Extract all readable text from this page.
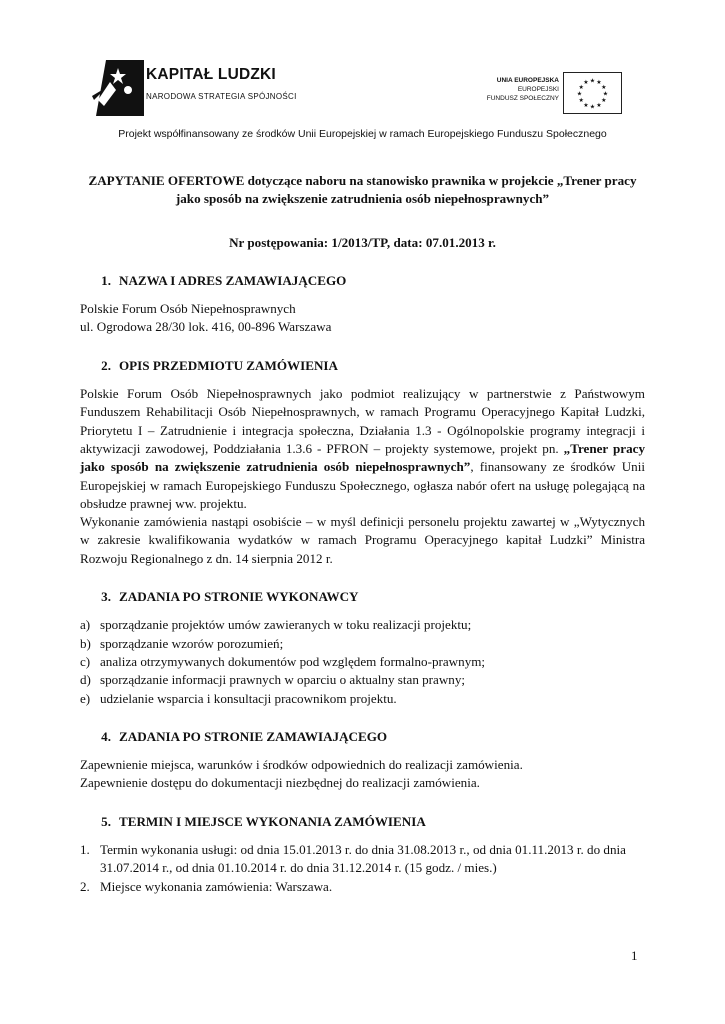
KAPITAŁ LUDZKI
NARODOWA STRATEGIA SPÓJNOŚCI
UNIA EUROPEJSKA
EUROPEJSKI
FUNDUSZ SPOŁECZNY
★
★
★
★
★
★
★
★
★ ★ ★
★
Projekt współfinansowany ze środków Unii Europejskiej w ramach Europejskiego Funduszu Społecznego

ZAPYTANIE OFERTOWE dotyczące naboru na stanowisko prawnika w projekcie „Trener pracy

jako sposób na zwiększenie zatrudnienia osób niepełnosprawnych”

Nr postępowania: 1/2013/TP, data: 07.01.2013 r.

1. NAZWA I ADRES ZAMAWIAJĄCEGO

Polskie Forum Osób Niepełnosprawnych

ul. Ogrodowa 28/30 lok. 416, 00-896 Warszawa

2. OPIS PRZEDMIOTU ZAMÓWIENIA

Polskie Forum Osób Niepełnosprawnych jako podmiot realizujący w partnerstwie z Państwowym Funduszem Rehabilitacji Osób Niepełnosprawnych, w ramach Programu Operacyjnego Kapitał Ludzki, Priorytetu I – Zatrudnienie i integracja społeczna, Działania 1.3 - Ogólnopolskie programy integracji i aktywizacji zawodowej, Poddziałania 1.3.6 - PFRON – projekty systemowe, projekt pn. „Trener pracy jako sposób na zwiększenie zatrudnienia osób niepełnosprawnych”, finansowany ze środków Unii Europejskiej w ramach Europejskiego Funduszu Społecznego, ogłasza nabór ofert na usługę polegającą na obsłudze prawnej ww. projektu.

Wykonanie zamówienia nastąpi osobiście – w myśl definicji personelu projektu zawartej w „Wytycznych w zakresie kwalifikowania wydatków w ramach Programu Operacyjnego kapitał Ludzki” Ministra Rozwoju Regionalnego z dn. 14 sierpnia 2012 r.

3. ZADANIA PO STRONIE WYKONAWCY
a) sporządzanie projektów umów zawieranych w toku realizacji projektu;
b) sporządzanie wzorów porozumień;
c) analiza otrzymywanych dokumentów pod względem formalno-prawnym;
d) sporządzanie informacji prawnych w oparciu o aktualny stan prawny;
e) udzielanie wsparcia i konsultacji pracownikom projektu.
4. ZADANIA PO STRONIE ZAMAWIAJĄCEGO

Zapewnienie miejsca, warunków i środków odpowiednich do realizacji zamówienia.

Zapewnienie dostępu do dokumentacji niezbędnej do realizacji zamówienia.

5. TERMIN I MIEJSCE WYKONANIA ZAMÓWIENIA
1. Termin wykonania usługi: od dnia 15.01.2013 r. do dnia 31.08.2013 r., od dnia 01.11.2013 r. do dnia 31.07.2014 r., od dnia 01.10.2014 r. do dnia 31.12.2014 r. (15 godz. / mies.)
2. Miejsce wykonania zamówienia: Warszawa.
1
